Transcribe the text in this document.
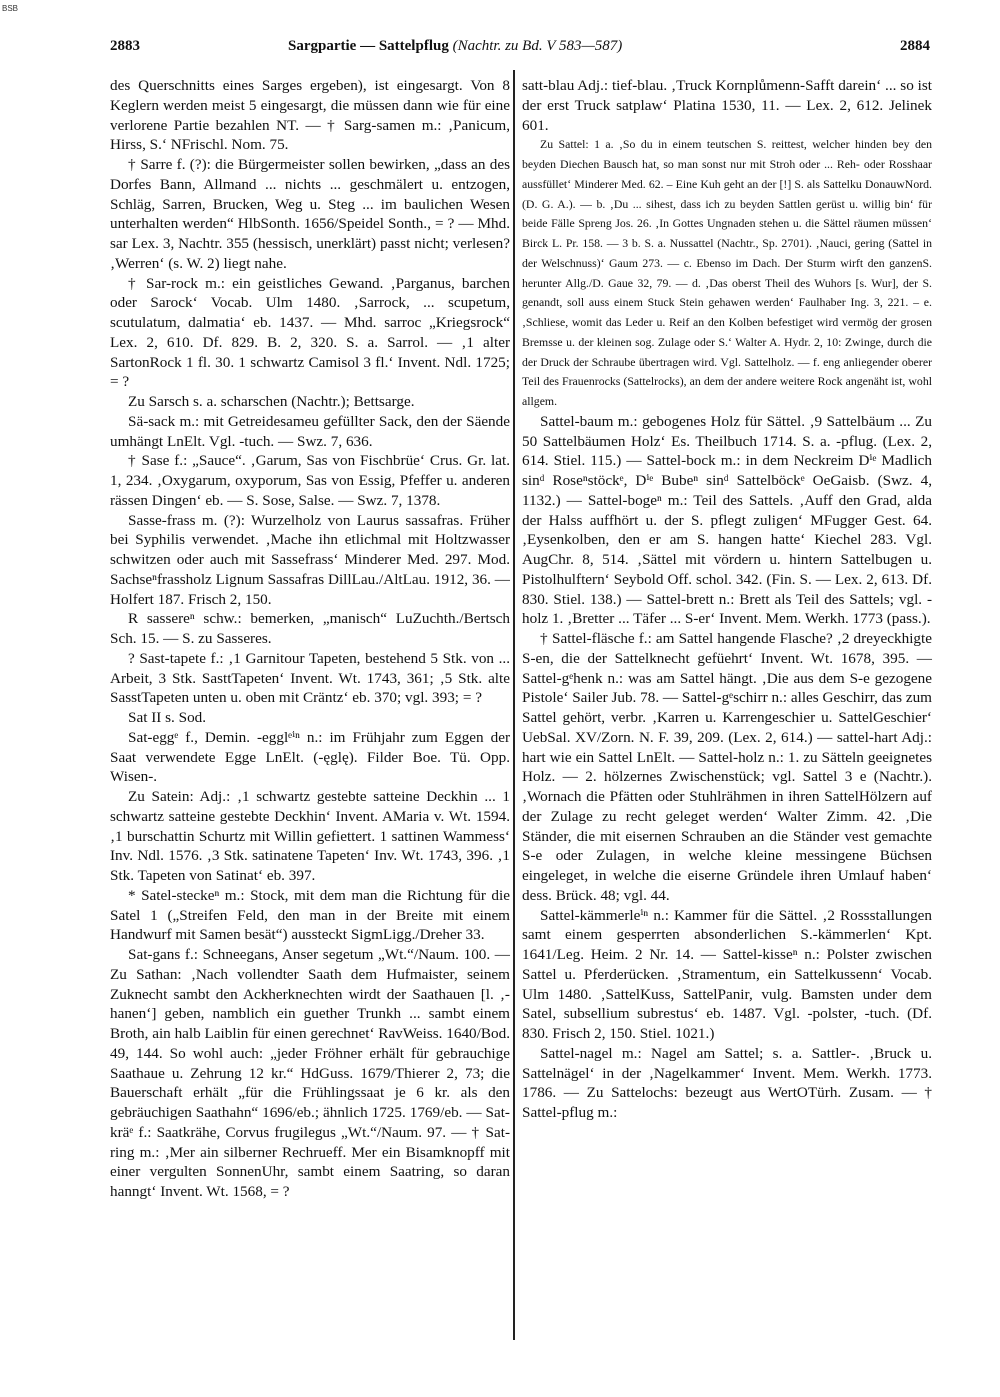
BSB
2883	Sargpartie — Sattelpflug (Nachtr. zu Bd. V 583—587)	2884

des Querschnitts eines Sarges ergeben), ist eingesargt. Von 8 Keglern werden meist 5 eingesargt, die müssen dann wie für eine verlorene Partie bezahlen NT. — † Sarg-samen m.: ‚Panicum, Hirss, S.‘ NFrischl. Nom. 75.

† Sarre f. (?): die Bürgermeister sollen bewirken, „dass an des Dorfes Bann, Allmand ... nichts ... geschmälert u. entzogen, Schläg, Sarren, Brucken, Weg u. Steg ... im baulichen Wesen unterhalten werden“ HlbSonth. 1656/Speidel Sonth., = ? — Mhd. sar Lex. 3, Nachtr. 355 (hessisch, unerklärt) passt nicht; verlesen? ‚Werren‘ (s. W. 2) liegt nahe.

† Sar-rock m.: ein geistliches Gewand. ‚Parganus, barchen oder Sarock‘ Vocab. Ulm 1480. ‚Sarrock, ... scupetum, scutulatum, dalmatia‘ eb. 1437. — Mhd. sarroc „Kriegsrock“ Lex. 2, 610. Df. 829. B. 2, 320. S. a. Sarrol. — ‚1 alter SartonRock 1 fl. 30. 1 schwartz Camisol 3 fl.‘ Invent. Ndl. 1725; = ?

Zu Sarsch s. a. scharschen (Nachtr.); Bettsarge.

Sä-sack m.: mit Getreidesameu gefüllter Sack, den der Säende umhängt LnElt. Vgl. -tuch. — Swz. 7, 636.

† Sase f.: „Sauce“. ‚Garum, Sas von Fischbrüe‘ Crus. Gr. lat. 1, 234. ‚Oxygarum, oxyporum, Sas von Essig, Pfeffer u. anderen rässen Dingen‘ eb. — S. Sose, Salse. — Swz. 7, 1378.

Sasse-frass m. (?): Wurzelholz von Laurus sassafras. Früher bei Syphilis verwendet. ‚Mache ihn etlichmal mit Holtzwasser schwitzen oder auch mit Sassefrass‘ Minderer Med. 297. Mod. Sachseⁿfrassholz Lignum Sassafras DillLau./AltLau. 1912, 36. — Holfert 187. Frisch 2, 150.

R sassereⁿ schw.: bemerken, „manisch“ LuZuchth./Bertsch Sch. 15. — S. zu Sasseres.

? Sast-tapete f.: ‚1 Garnitour Tapeten, bestehend 5 Stk. von ... Arbeit, 3 Stk. SasttTapeten‘ Invent. Wt. 1743, 361; ‚5 Stk. alte SasstTapeten unten u. oben mit Cräntz‘ eb. 370; vgl. 393; = ?

Sat II s. Sod.

Sat-eggᵉ f., Demin. -egglᵉⁱⁿ n.: im Frühjahr zum Eggen der Saat verwendete Egge LnElt. (-ęglę). Filder Boe. Tü. Opp. Wisen-.

Zu Satein: Adj.: ‚1 schwartz gestebte satteine Deckhin ... 1 schwartz satteine gestebte Deckhin‘ Invent. AMaria v. Wt. 1594. ‚1 burschattin Schurtz mit Willin gefiettert. 1 sattinen Wammess‘ Inv. Ndl. 1576. ‚3 Stk. satinatene Tapeten‘ Inv. Wt. 1743, 396. ‚1 Stk. Tapeten von Satinat‘ eb. 397.

* Satel-steckeⁿ m.: Stock, mit dem man die Richtung für die Satel 1 („Streifen Feld, den man in der Breite mit einem Handwurf mit Samen besät“) aussteckt SigmLigg./Dreher 33.

Sat-gans f.: Schneegans, Anser segetum „Wt.“/Naum. 100. — Zu Sathan: ‚Nach vollendter Saath dem Hufmaister, seinem Zuknecht sambt den Ackherknechten wirdt der Saathauen [l. ‚-hanen‘] geben, namblich ein guether Trunkh ... sambt einem Broth, ain halb Laiblin für einen gerechnet‘ RavWeiss. 1640/Bod. 49, 144. So wohl auch: „jeder Fröhner erhält für gebrauchige Saathaue u. Zehrung 12 kr.“ HdGuss. 1679/Thierer 2, 73; die Bauerschaft erhält „für die Frühlingssaat je 6 kr. als den gebräuchigen Saathahn“ 1696/eb.; ähnlich 1725. 1769/eb. — Sat-kräᵉ f.: Saatkrähe, Corvus frugilegus „Wt.“/Naum. 97. — † Sat-ring m.: ‚Mer ain silberner Rechrueff. Mer ein Bisamknopff mit einer vergulten SonnenUhr, sambt einem Saatring, so daran hanngt‘ Invent. Wt. 1568, = ?

satt-blau Adj.: tief-blau. ‚Truck Kornplůmenn-Safft darein‘ ... so ist der erst Truck satplaw‘ Platina 1530, 11. — Lex. 2, 612. Jelinek 601.

Zu Sattel: 1 a. ‚So du in einem teutschen S. reittest, welcher hinden bey den beyden Diechen Bausch hat, so man sonst nur mit Stroh oder ... Reh- oder Rosshaar aussfüllet‘ Minderer Med. 62. – Eine Kuh geht an der [!] S. als Sattelku DonauwNord. (D. G. A.). — b. ‚Du ... sihest, dass ich zu beyden Sattlen gerüst u. willig bin‘ für beide Fälle Spreng Jos. 26. ‚In Gottes Ungnaden stehen u. die Sättel räumen müssen‘ Birck L. Pr. 158. — 3 b. S. a. Nussattel (Nachtr., Sp. 2701). ‚Nauci, gering (Sattel in der Welschnuss)‘ Gaum 273. — c. Ebenso im Dach. Der Sturm wirft den ganzenS. herunter Allg./D. Gaue 32, 79. — d. ‚Das oberst Theil des Wuhors [s. Wur], der S. genandt, soll auss einem Stuck Stein gehawen werden‘ Faulhaber Ing. 3, 221. – e. ‚Schliese, womit das Leder u. Reif an den Kolben befestiget wird vermög der grosen Bremsse u. der kleinen sog. Zulage oder S.‘ Walter A. Hydr. 2, 10: Zwinge, durch die der Druck der Schraube übertragen wird. Vgl. Sattelholz. — f. eng anliegender oberer Teil des Frauenrocks (Sattelrocks), an dem der andere weitere Rock angenäht ist, wohl allgem.

Sattel-baum m.: gebogenes Holz für Sättel. ‚9 Sattelbäum ... Zu 50 Sattelbäumen Holz‘ Es. Theilbuch 1714. S. a. -pflug. (Lex. 2, 614. Stiel. 115.) — Sattel-bock m.: in dem Neckreim Dⁱᵉ Madlich sinᵈ Roseⁿstöckᵉ, Dⁱᵉ Bubeⁿ sinᵈ Sattelböckᵉ OeGaisb. (Swz. 4, 1132.) — Sattel-bogeⁿ m.: Teil des Sattels. ‚Auff den Grad, alda der Halss auffhört u. der S. pflegt zuligen‘ MFugger Gest. 64. ‚Eysenkolben, den er am S. hangen hatte‘ Kiechel 283. Vgl. AugChr. 8, 514. ‚Sättel mit vördern u. hintern Sattelbugen u. Pistolhulftern‘ Seybold Off. schol. 342. (Fin. S. — Lex. 2, 613. Df. 830. Stiel. 138.) — Sattel-brett n.: Brett als Teil des Sattels; vgl. -holz 1. ‚Bretter ... Täfer ... S-er‘ Invent. Mem. Werkh. 1773 (pass.).

† Sattel-fläsche f.: am Sattel hangende Flasche? ‚2 dreyeckhigte S-en, die der Sattelknecht gefüehrt‘ Invent. Wt. 1678, 395. — Sattel-gᵉhenk n.: was am Sattel hängt. ‚Die aus dem S-e gezogene Pistole‘ Sailer Jub. 78. — Sattel-gᵉschirr n.: alles Geschirr, das zum Sattel gehört, verbr. ‚Karren u. Karrengeschier u. SattelGeschier‘ UebSal. XV/Zorn. N. F. 39, 209. (Lex. 2, 614.) — sattel-hart Adj.: hart wie ein Sattel LnElt. — Sattel-holz n.: 1. zu Sätteln geeignetes Holz. — 2. hölzernes Zwischenstück; vgl. Sattel 3 e (Nachtr.). ‚Wornach die Pfätten oder Stuhlrähmen in ihren SattelHölzern auf der Zulage zu recht geleget werden‘ Walter Zimm. 42. ‚Die Ständer, die mit eisernen Schrauben an die Ständer vest gemachte S-e oder Zulagen, in welche kleine messingene Büchsen eingeleget, in welche die eiserne Gründele ihren Umlauf haben‘ dess. Brück. 48; vgl. 44.

Sattel-kämmerleⁱⁿ n.: Kammer für die Sättel. ‚2 Rossstallungen samt einem gesperrten absonderlichen S.-kämmerlen‘ Kpt. 1641/Leg. Heim. 2 Nr. 14. — Sattel-kisseⁿ n.: Polster zwischen Sattel u. Pferderücken. ‚Stramentum, ein Sattelkussenn‘ Vocab. Ulm 1480. ‚SattelKuss, SattelPanir, vulg. Bamsten under dem Satel, subsellium subrestus‘ eb. 1487. Vgl. -polster, -tuch. (Df. 830. Frisch 2, 150. Stiel. 1021.)

Sattel-nagel m.: Nagel am Sattel; s. a. Sattler-. ‚Bruck u. Sattelnägel‘ in der ‚Nagelkammer‘ Invent. Mem. Werkh. 1773. 1786. — Zu Sattelochs: bezeugt aus WertOTürh. Zusam. — † Sattel-pflug m.:
